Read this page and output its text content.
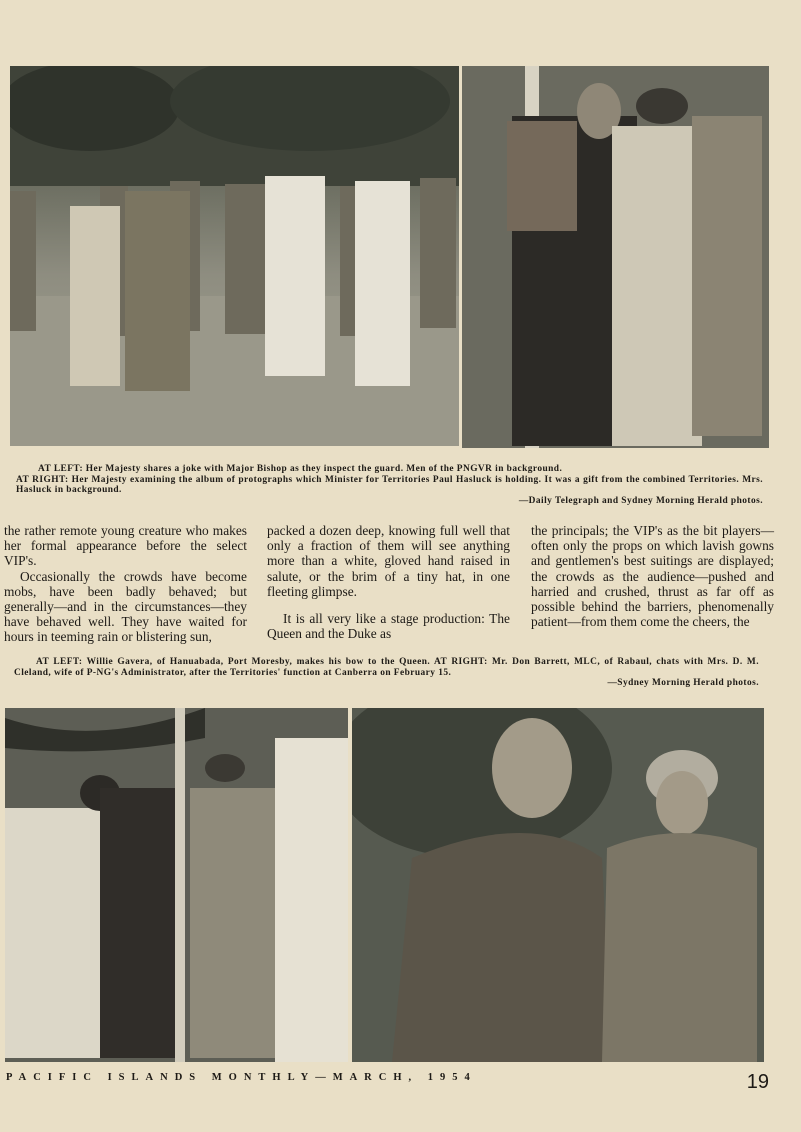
AT LEFT: Her Majesty shares a joke with Major Bishop as they inspect the guard. Men of the PNGVR in background.

AT RIGHT: Her Majesty examining the album of protographs which Minister for Territories Paul Hasluck is holding. It was a gift from the combined Territories. Mrs. Hasluck in background.

—Daily Telegraph and Sydney Morning Herald photos.

the rather remote young creature who makes her formal appearance before the select VIP's.

Occasionally the crowds have become mobs, have been badly behaved; but generally—and in the circumstances—they have behaved well. They have waited for hours in teeming rain or blistering sun,

packed a dozen deep, knowing full well that only a fraction of them will see anything more than a white, gloved hand raised in salute, or the brim of a tiny hat, in one fleeting glimpse.

It is all very like a stage production: The Queen and the Duke as

the principals; the VIP's as the bit players—often only the props on which lavish gowns and gentlemen's best suitings are displayed; the crowds as the audience—pushed and harried and crushed, thrust as far off as possible behind the barriers, phenomenally patient—from them come the cheers, the

AT LEFT: Willie Gavera, of Hanuabada, Port Moresby, makes his bow to the Queen. AT RIGHT: Mr. Don Barrett, MLC, of Rabaul, chats with Mrs. D. M. Cleland, wife of P-NG's Administrator, after the Territories' function at Canberra on February 15.

—Sydney Morning Herald photos.

PACIFIC ISLANDS MONTHLY—MARCH, 1954	19
